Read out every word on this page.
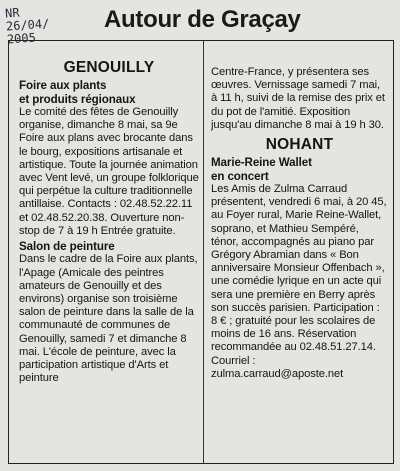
NR
26/04/
2005
Autour de Graçay
GENOUILLY
Foire aux plants
et produits régionaux

Le comité des fêtes de Genouilly organise, dimanche 8 mai, sa 9e Foire aux plans avec brocante dans le bourg, expositions artisanale et artistique. Toute la journée animation avec Vent levé, un groupe folklorique qui perpétue la culture traditionnelle antillaise. Contacts : 02.48.52.22.11 et 02.48.52.20.38. Ouverture non-stop de 7 à 19 h Entrée gratuite.

Salon de peinture

Dans le cadre de la Foire aux plants, l'Apage (Amicale des peintres amateurs de Genouilly et des environs) organise son troisième salon de peinture dans la salle de la communauté de communes de Genouilly, samedi 7 et dimanche 8 mai. L'école de peinture, avec la participation artistique d'Arts et peinture

Centre-France, y présentera ses œuvres. Vernissage samedi 7 mai, à 11 h, suivi de la remise des prix et du pot de l'amitié. Exposition jusqu'au dimanche 8 mai à 19 h 30.

NOHANT
Marie-Reine Wallet
en concert

Les Amis de Zulma Carraud présentent, vendredi 6 mai, à 20 45, au Foyer rural, Marie Reine-Wallet, soprano, et Mathieu Sempéré, ténor, accompagnés au piano par Grégory Abramian dans « Bon anniversaire Monsieur Offenbach », une comédie lyrique en un acte qui sera une première en Berry après son succès parisien. Participation : 8 € ; gratuité pour les scolaires de moins de 16 ans. Réservation recommandée au 02.48.51.27.14. Courriel :

zulma.carraud@aposte.net
